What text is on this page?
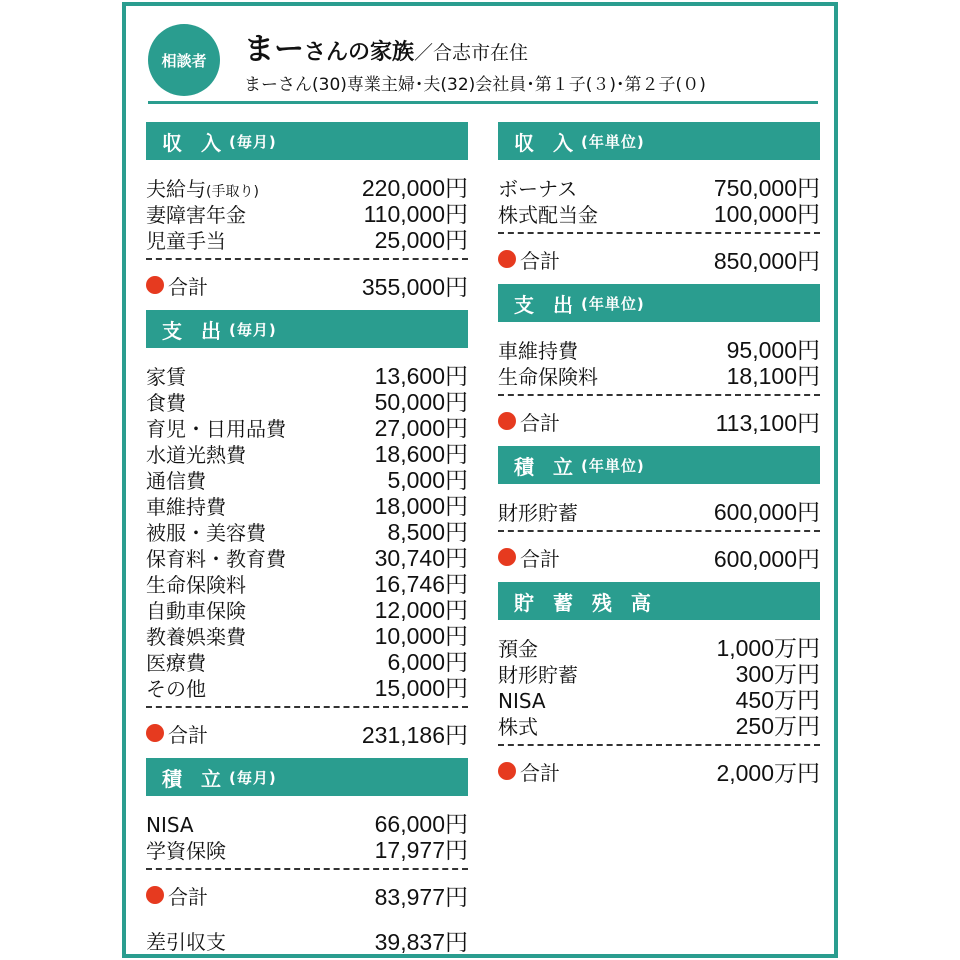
相談者	まーさんの家族／合志市在住
まーさん(30)専業主婦･夫(32)会社員･第１子(３)･第２子(０)
収 入 (毎月)
夫給与(手取り)	220,000円
妻障害年金	110,000円
児童手当	25,000円
合計	355,000円
支 出 (毎月)
家賃	13,600円
食費	50,000円
育児・日用品費	27,000円
水道光熱費	18,600円
通信費	5,000円
車維持費	18,000円
被服・美容費	8,500円
保育料・教育費	30,740円
生命保険料	16,746円
自動車保険	12,000円
教養娯楽費	10,000円
医療費	6,000円
その他	15,000円
合計	231,186円
積 立 (毎月)
NISA	66,000円
学資保険	17,977円
合計	83,977円
差引収支	39,837円
収 入 (年単位)
ボーナス	750,000円
株式配当金	100,000円
合計	850,000円
支 出 (年単位)
車維持費	95,000円
生命保険料	18,100円
合計	113,100円
積 立 (年単位)
財形貯蓄	600,000円
合計	600,000円
貯 蓄 残 高
預金	1,000万円
財形貯蓄	300万円
NISA	450万円
株式	250万円
合計	2,000万円
